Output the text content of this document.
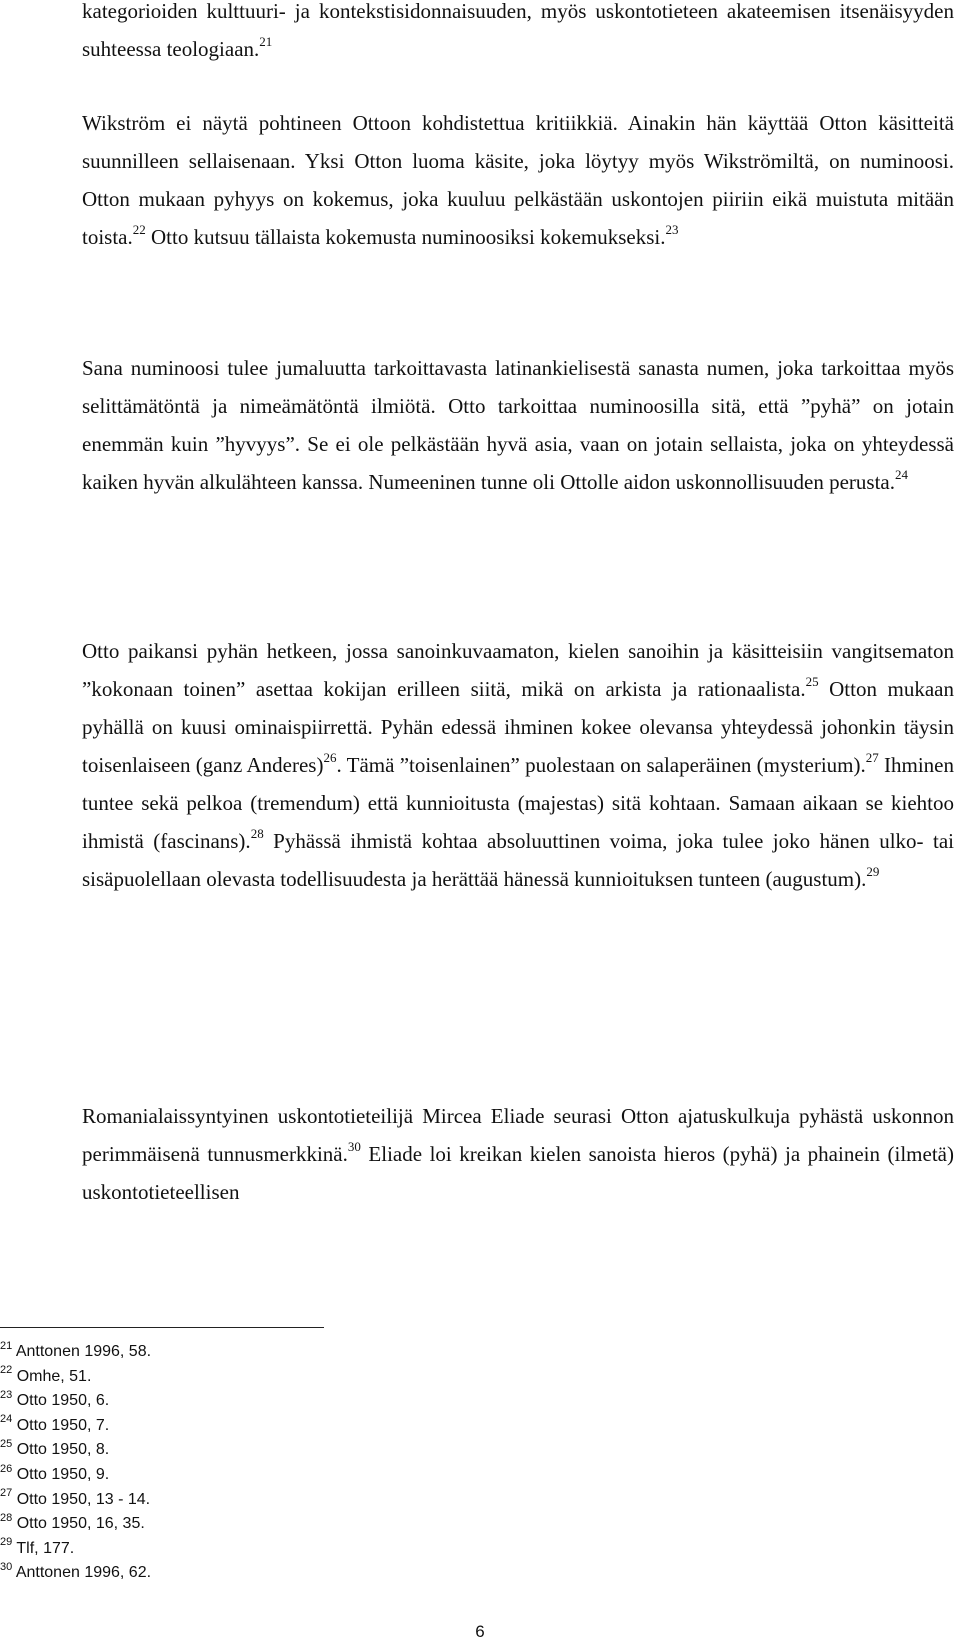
kategorioiden kulttuuri- ja kontekstisidonnaisuuden, myös uskontotieteen akateemisen itsenäisyyden suhteessa teologiaan.$^{21}$

Wikström ei näytä pohtineen Ottoon kohdistettua kritiikkiä. Ainakin hän käyttää Otton käsitteitä suunnilleen sellaisenaan. Yksi Otton luoma käsite, joka löytyy myös Wikströmiltä, on numinoosi. Otton mukaan pyhyys on kokemus, joka kuuluu pelkästään uskontojen piiriin eikä muistuta mitään toista.$^{22}$ Otto kutsuu tällaista kokemusta numinoosiksi kokemukseksi.$^{23}$

Sana numinoosi tulee jumaluutta tarkoittavasta latinankielisestä sanasta numen, joka tarkoittaa myös selittämätöntä ja nimeämätöntä ilmiötä. Otto tarkoittaa numinoosilla sitä, että ”pyhä” on jotain enemmän kuin ”hyvyys”. Se ei ole pelkästään hyvä asia, vaan on jotain sellaista, joka on yhteydessä kaiken hyvän alkulähteen kanssa. Numeeninen tunne oli Ottolle aidon uskonnollisuuden perusta.$^{24}$

Otto paikansi pyhän hetkeen, jossa sanoinkuvaamaton, kielen sanoihin ja käsitteisiin vangitsematon ”kokonaan toinen” asettaa kokijan erilleen siitä, mikä on arkista ja rationaalista.$^{25}$ Otton mukaan pyhällä on kuusi ominaispiirrettä. Pyhän edessä ihminen kokee olevansa yhteydessä johonkin täysin toisenlaiseen (ganz Anderes)$^{26}$. Tämä ”toisenlainen” puolestaan on salaperäinen (mysterium).$^{27}$ Ihminen tuntee sekä pelkoa (tremendum) että kunnioitusta (majestas) sitä kohtaan. Samaan aikaan se kiehtoo ihmistä (fascinans).$^{28}$ Pyhässä ihmistä kohtaa absoluuttinen voima, joka tulee joko hänen ulko- tai sisäpuolellaan olevasta todellisuudesta ja herättää hänessä kunnioituksen tunteen (augustum).$^{29}$

Romanialaissyntyinen uskontotieteilijä Mircea Eliade seurasi Otton ajatuskulkuja pyhästä uskonnon perimmäisenä tunnusmerkkinä.$^{30}$ Eliade loi kreikan kielen sanoista hieros (pyhä) ja phainein (ilmetä) uskontotieteellisen

$^{21}$ Anttonen 1996, 58.
$^{22}$ Omhe, 51.
$^{23}$ Otto 1950, 6.
$^{24}$ Otto 1950, 7.
$^{25}$ Otto 1950, 8.
$^{26}$ Otto 1950, 9.
$^{27}$ Otto 1950, 13 - 14.
$^{28}$ Otto 1950, 16, 35.
$^{29}$ Tlf, 177.
$^{30}$ Anttonen 1996, 62.
6
